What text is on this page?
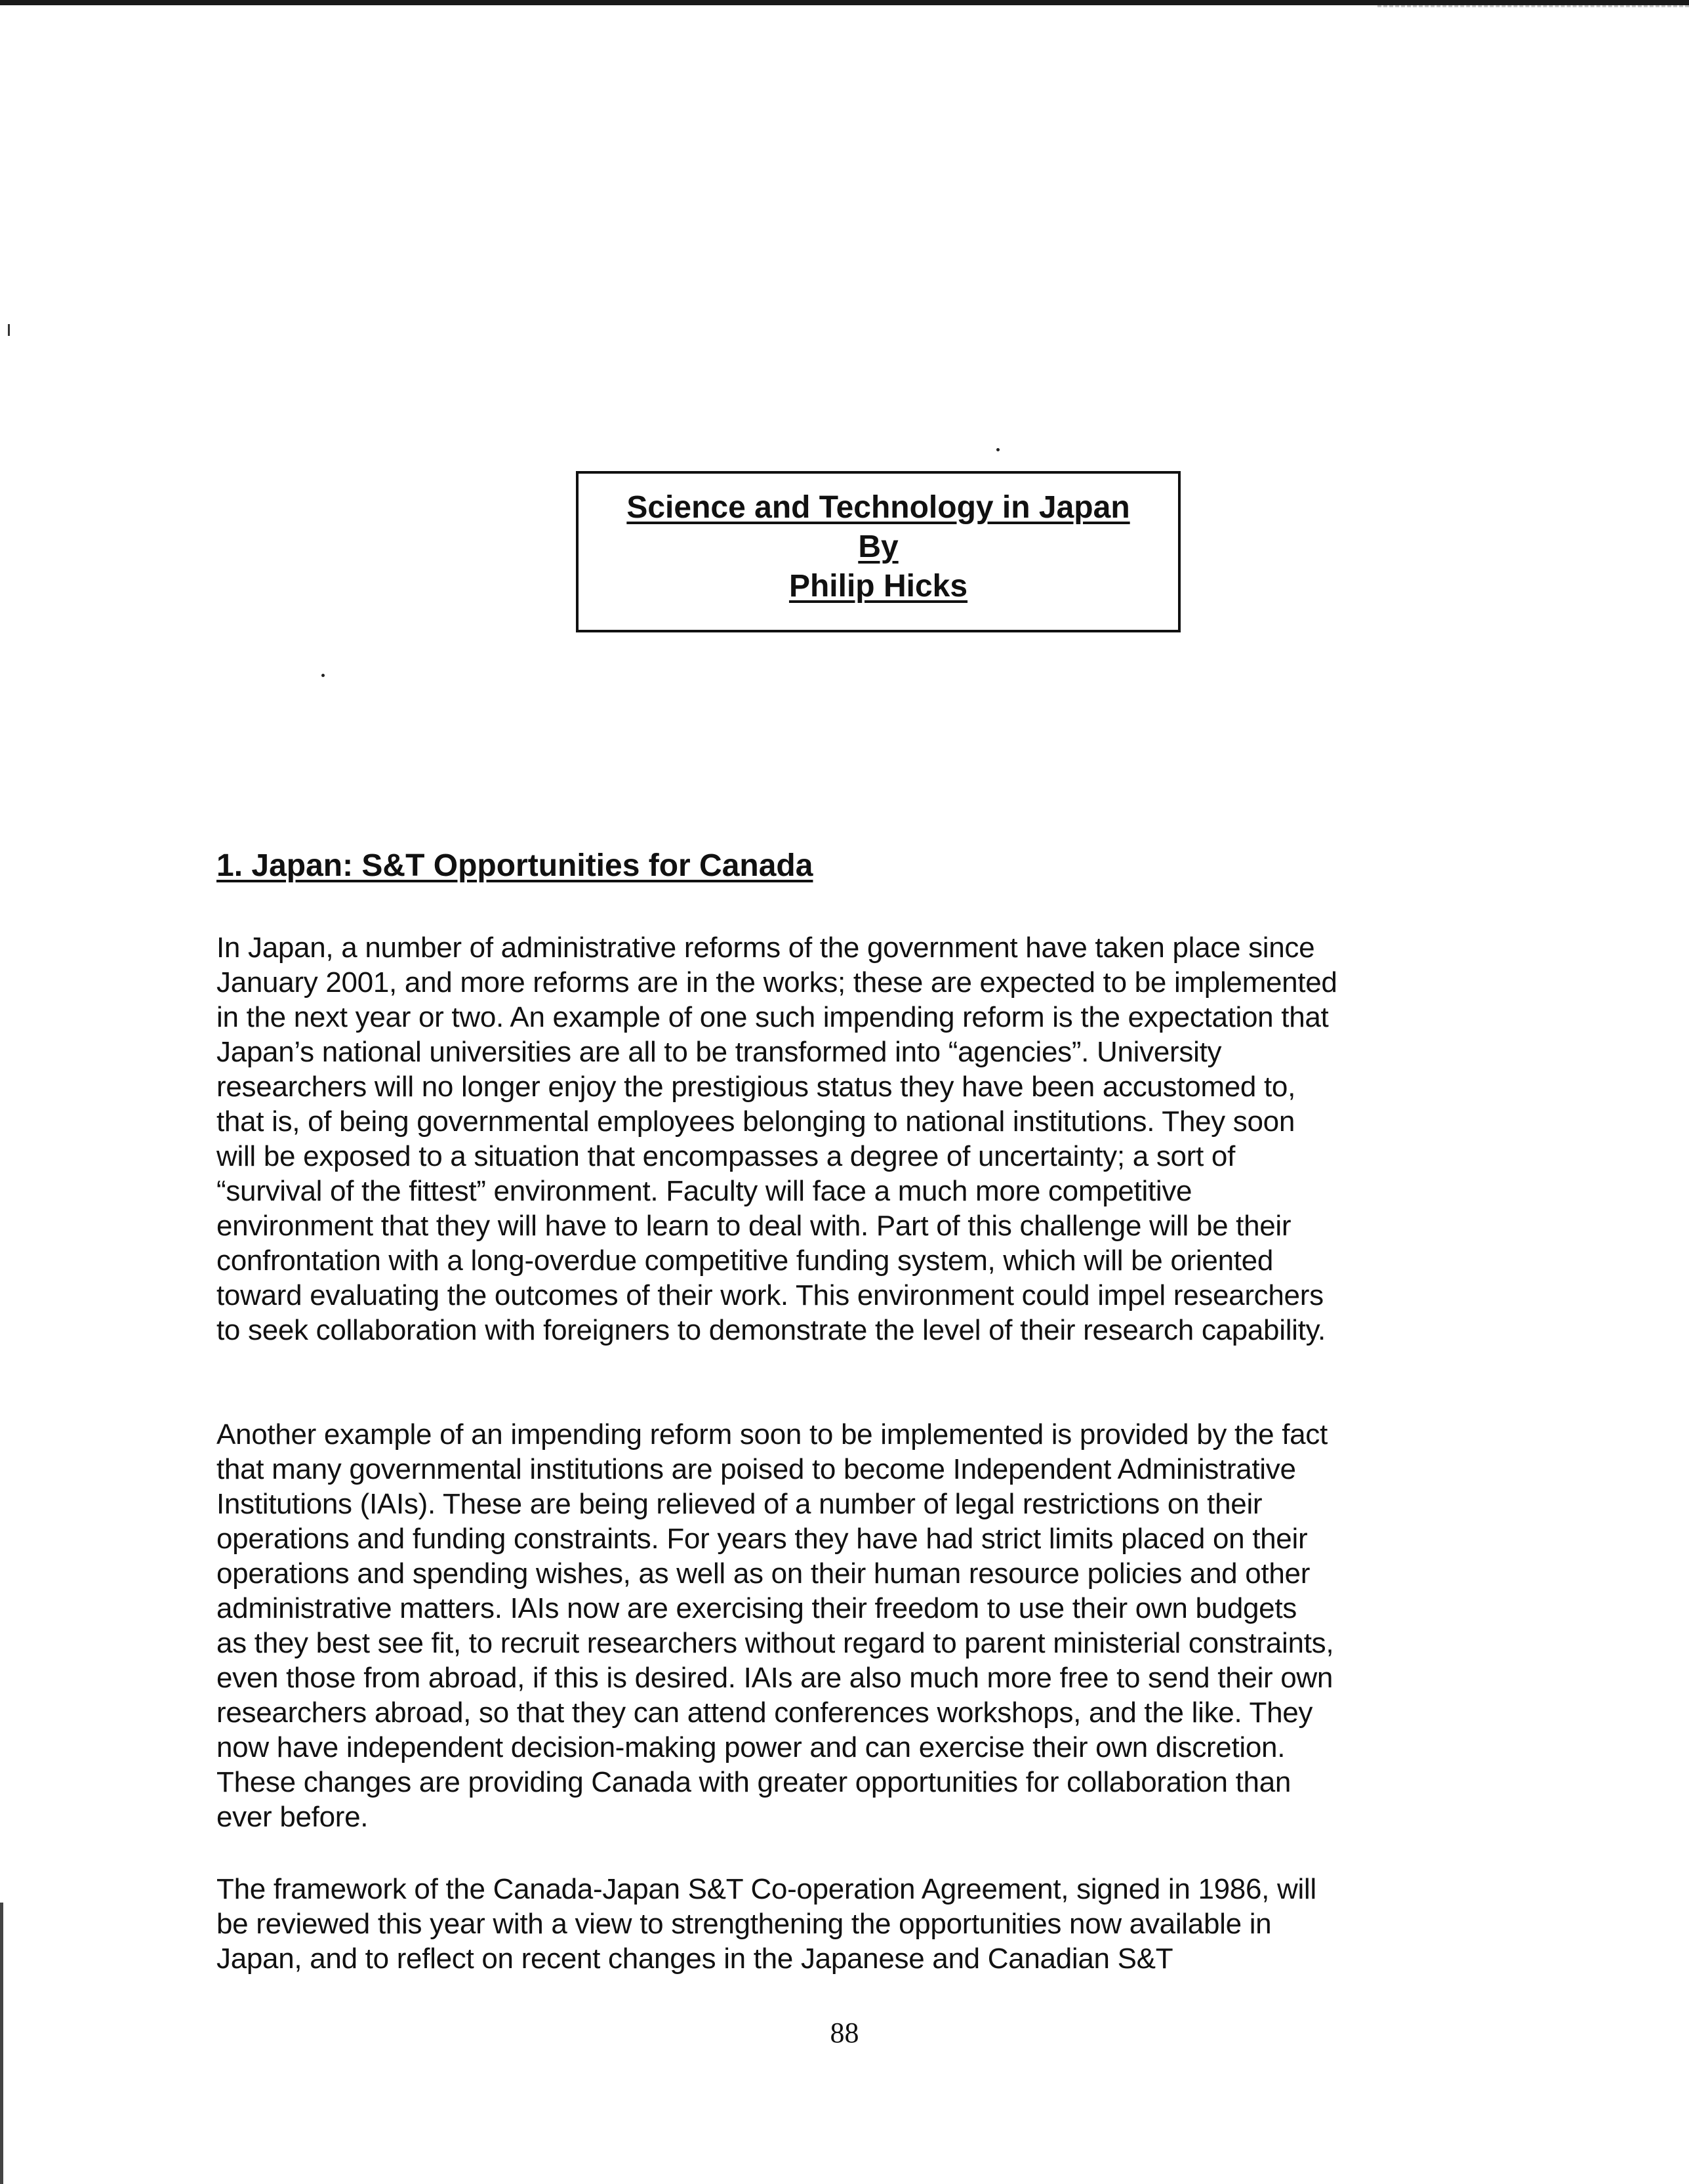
Science and Technology in Japan
By
Philip Hicks
1. Japan: S&T Opportunities for Canada
In Japan, a number of administrative reforms of the government have taken place since
January 2001, and more reforms are in the works; these are expected to be implemented
in the next year or two. An example of one such impending reform is the expectation that
Japan’s national universities are all to be transformed into “agencies”. University
researchers will no longer enjoy the prestigious status they have been accustomed to,
that is, of being governmental employees belonging to national institutions. They soon
will be exposed to a situation that encompasses a degree of uncertainty; a sort of
“survival of the fittest” environment. Faculty will face a much more competitive
environment that they will have to learn to deal with. Part of this challenge will be their
confrontation with a long-overdue competitive funding system, which will be oriented
toward evaluating the outcomes of their work. This environment could impel researchers
to seek collaboration with foreigners to demonstrate the level of their research capability.
Another example of an impending reform soon to be implemented is provided by the fact
that many governmental institutions are poised to become Independent Administrative
Institutions (IAIs). These are being relieved of a number of legal restrictions on their
operations and funding constraints. For years they have had strict limits placed on their
operations and spending wishes, as well as on their human resource policies and other
administrative matters. IAIs now are exercising their freedom to use their own budgets
as they best see fit, to recruit researchers without regard to parent ministerial constraints,
even those from abroad, if this is desired. IAIs are also much more free to send their own
researchers abroad, so that they can attend conferences workshops, and the like. They
now have independent decision-making power and can exercise their own discretion.
These changes are providing Canada with greater opportunities for collaboration than
ever before.
The framework of the Canada-Japan S&T Co-operation Agreement, signed in 1986, will
be reviewed this year with a view to strengthening the opportunities now available in
Japan, and to reflect on recent changes in the Japanese and Canadian S&T
88
